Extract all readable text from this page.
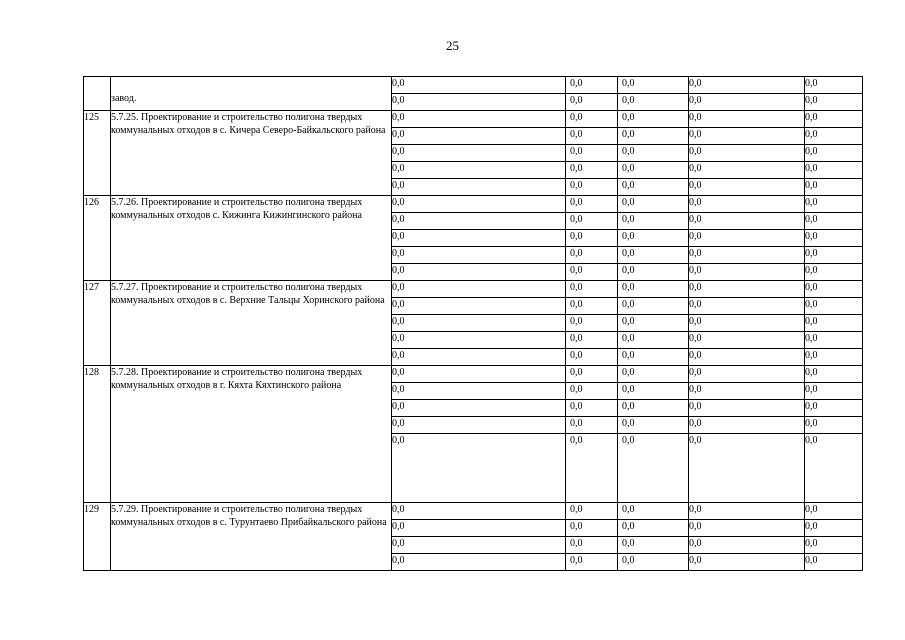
25
	завод.	0,0	0,0	0,0	0,0	0,0
		0,0	0,0	0,0	0,0	0,0
125	5.7.25. Проектирование и строительство полигона твердых коммунальных отходов в с. Кичера Северо-Байкальского района	0,0	0,0	0,0	0,0	0,0
		0,0	0,0	0,0	0,0	0,0
		0,0	0,0	0,0	0,0	0,0
		0,0	0,0	0,0	0,0	0,0
		0,0	0,0	0,0	0,0	0,0
126	5.7.26. Проектирование и строительство полигона твердых коммунальных отходов с. Кижинга Кижингинского района	0,0	0,0	0,0	0,0	0,0
		0,0	0,0	0,0	0,0	0,0
		0,0	0,0	0,0	0,0	0,0
		0,0	0,0	0,0	0,0	0,0
		0,0	0,0	0,0	0,0	0,0
127	5.7.27. Проектирование и строительство полигона твердых коммунальных отходов в с. Верхние Тальцы Хоринского района	0,0	0,0	0,0	0,0	0,0
		0,0	0,0	0,0	0,0	0,0
		0,0	0,0	0,0	0,0	0,0
		0,0	0,0	0,0	0,0	0,0
		0,0	0,0	0,0	0,0	0,0
128	5.7.28. Проектирование и строительство полигона твердых коммунальных отходов в г. Кяхта Кяхтинского района	0,0	0,0	0,0	0,0	0,0
		0,0	0,0	0,0	0,0	0,0
		0,0	0,0	0,0	0,0	0,0
		0,0	0,0	0,0	0,0	0,0
		0,0	0,0	0,0	0,0	0,0
129	5.7.29. Проектирование и строительство полигона твердых коммунальных отходов в с. Турунтаево Прибайкальского района	0,0	0,0	0,0	0,0	0,0
		0,0	0,0	0,0	0,0	0,0
		0,0	0,0	0,0	0,0	0,0
		0,0	0,0	0,0	0,0	0,0
